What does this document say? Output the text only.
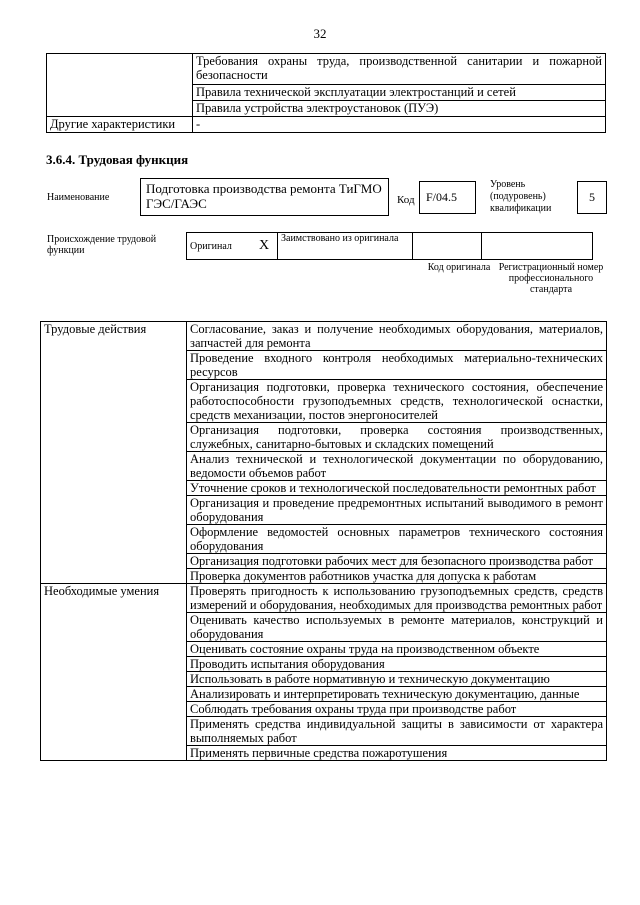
32
	Требования охраны труда, производственной санитарии и пожарной безопасности
	Правила технической эксплуатации электростанций и сетей
	Правила устройства электроустановок (ПУЭ)
Другие характеристики	-
3.6.4. Трудовая функция
Наименование
Подготовка производства ремонта ТиГМО ГЭС/ГАЭС	Код F/04.5
Уровень (подуровень) квалификации
5
Происхождение трудовой функции	Оригинал	X	Заимствовано из оригинала		
Код оригинала Регистрационный номер профессионального стандарта
Трудовые действия	Согласование, заказ и получение необходимых оборудования, материалов, запчастей для ремонта
	Проведение входного контроля необходимых материально-технических ресурсов
	Организация подготовки, проверка технического состояния, обеспечение работоспособности грузоподъемных средств, технологической оснастки, средств механизации, постов энергоносителей
	Организация подготовки, проверка состояния производственных, служебных, санитарно-бытовых и складских помещений
	Анализ технической и технологической документации по оборудованию, ведомости объемов работ
	Уточнение сроков и технологической последовательности ремонтных работ
	Организация и проведение предремонтных испытаний выводимого в ремонт оборудования
	Оформление ведомостей основных параметров технического состояния оборудования
	Организация подготовки рабочих мест для безопасного производства работ
	Проверка документов работников участка для допуска к работам
Необходимые умения	Проверять пригодность к использованию грузоподъемных средств, средств измерений и оборудования, необходимых для производства ремонтных работ
	Оценивать качество используемых в ремонте материалов, конструкций и оборудования
	Оценивать состояние охраны труда на производственном объекте
	Проводить испытания оборудования
	Использовать в работе нормативную и техническую документацию
	Анализировать и интерпретировать техническую документацию, данные
	Соблюдать требования охраны труда при производстве работ
	Применять средства индивидуальной защиты в зависимости от характера выполняемых работ
	Применять первичные средства пожаротушения
